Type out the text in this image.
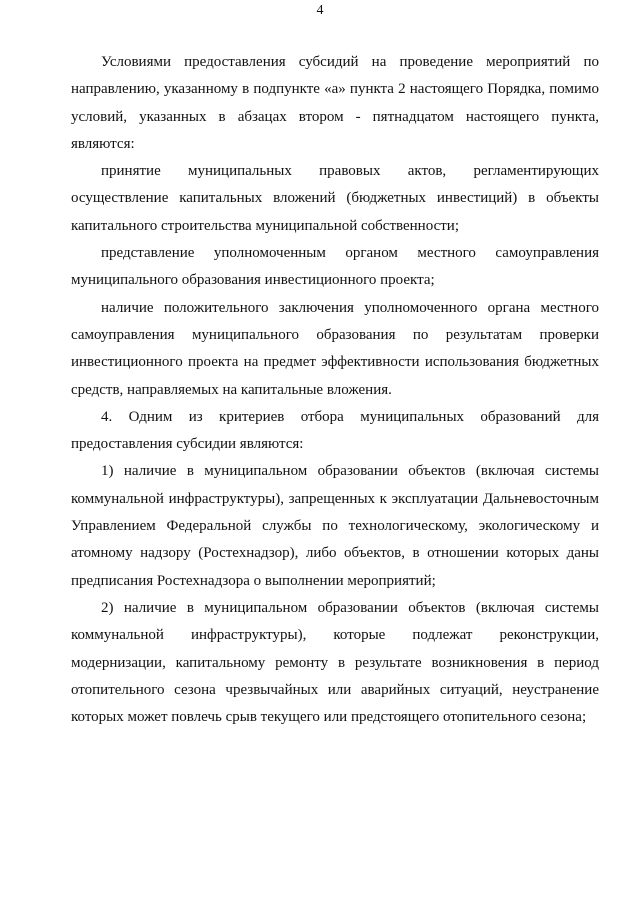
4

Условиями предоставления субсидий на проведение мероприятий по направлению, указанному в подпункте «а» пункта 2 настоящего Порядка, помимо условий, указанных в абзацах втором - пятнадцатом настоящего пункта, являются:

принятие муниципальных правовых актов, регламентирующих осуществление капитальных вложений (бюджетных инвестиций) в объекты капитального строительства муниципальной собственности;

представление уполномоченным органом местного самоуправления муниципального образования инвестиционного проекта;

наличие положительного заключения уполномоченного органа местного самоуправления муниципального образования по результатам проверки инвестиционного проекта на предмет эффективности использования бюджетных средств, направляемых на капитальные вложения.

4. Одним из критериев отбора муниципальных образований для предоставления субсидии являются:

1) наличие в муниципальном образовании объектов (включая системы коммунальной инфраструктуры), запрещенных к эксплуатации Дальневосточным Управлением Федеральной службы по технологическому, экологическому и атомному надзору (Ростехнадзор), либо объектов, в отношении которых даны предписания Ростехнадзора о выполнении мероприятий;

2) наличие в муниципальном образовании объектов (включая системы коммунальной инфраструктуры), которые подлежат реконструкции, модернизации, капитальному ремонту в результате возникновения в период отопительного сезона чрезвычайных или аварийных ситуаций, неустранение которых может повлечь срыв текущего или предстоящего отопительного сезона;
